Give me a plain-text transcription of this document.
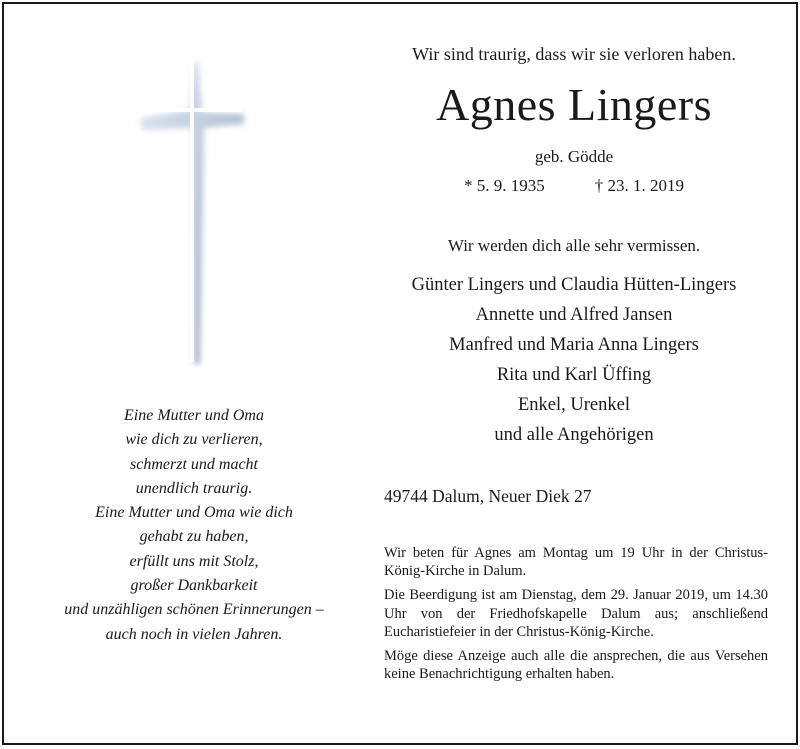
Eine Mutter und Oma
wie dich zu verlieren,
schmerzt und macht
unendlich traurig.
Eine Mutter und Oma wie dich
gehabt zu haben,
erfüllt uns mit Stolz,
großer Dankbarkeit
und unzähligen schönen Erinnerungen –
auch noch in vielen Jahren.
Wir sind traurig, dass wir sie verloren haben.
Agnes Lingers
geb. Gödde
* 5. 9. 1935	† 23. 1. 2019
Wir werden dich alle sehr vermissen.
Günter Lingers und Claudia Hütten-Lingers
Annette und Alfred Jansen
Manfred und Maria Anna Lingers
Rita und Karl Üffing
Enkel, Urenkel
und alle Angehörigen
49744 Dalum, Neuer Diek 27

Wir beten für Agnes am Montag um 19 Uhr in der Christus-König-Kirche in Dalum.

Die Beerdigung ist am Dienstag, dem 29. Januar 2019, um 14.30 Uhr von der Friedhofskapelle Dalum aus; anschließend Eucharistiefeier in der Christus-König-Kirche.

Möge diese Anzeige auch alle die ansprechen, die aus Versehen keine Benachrichtigung erhalten haben.
